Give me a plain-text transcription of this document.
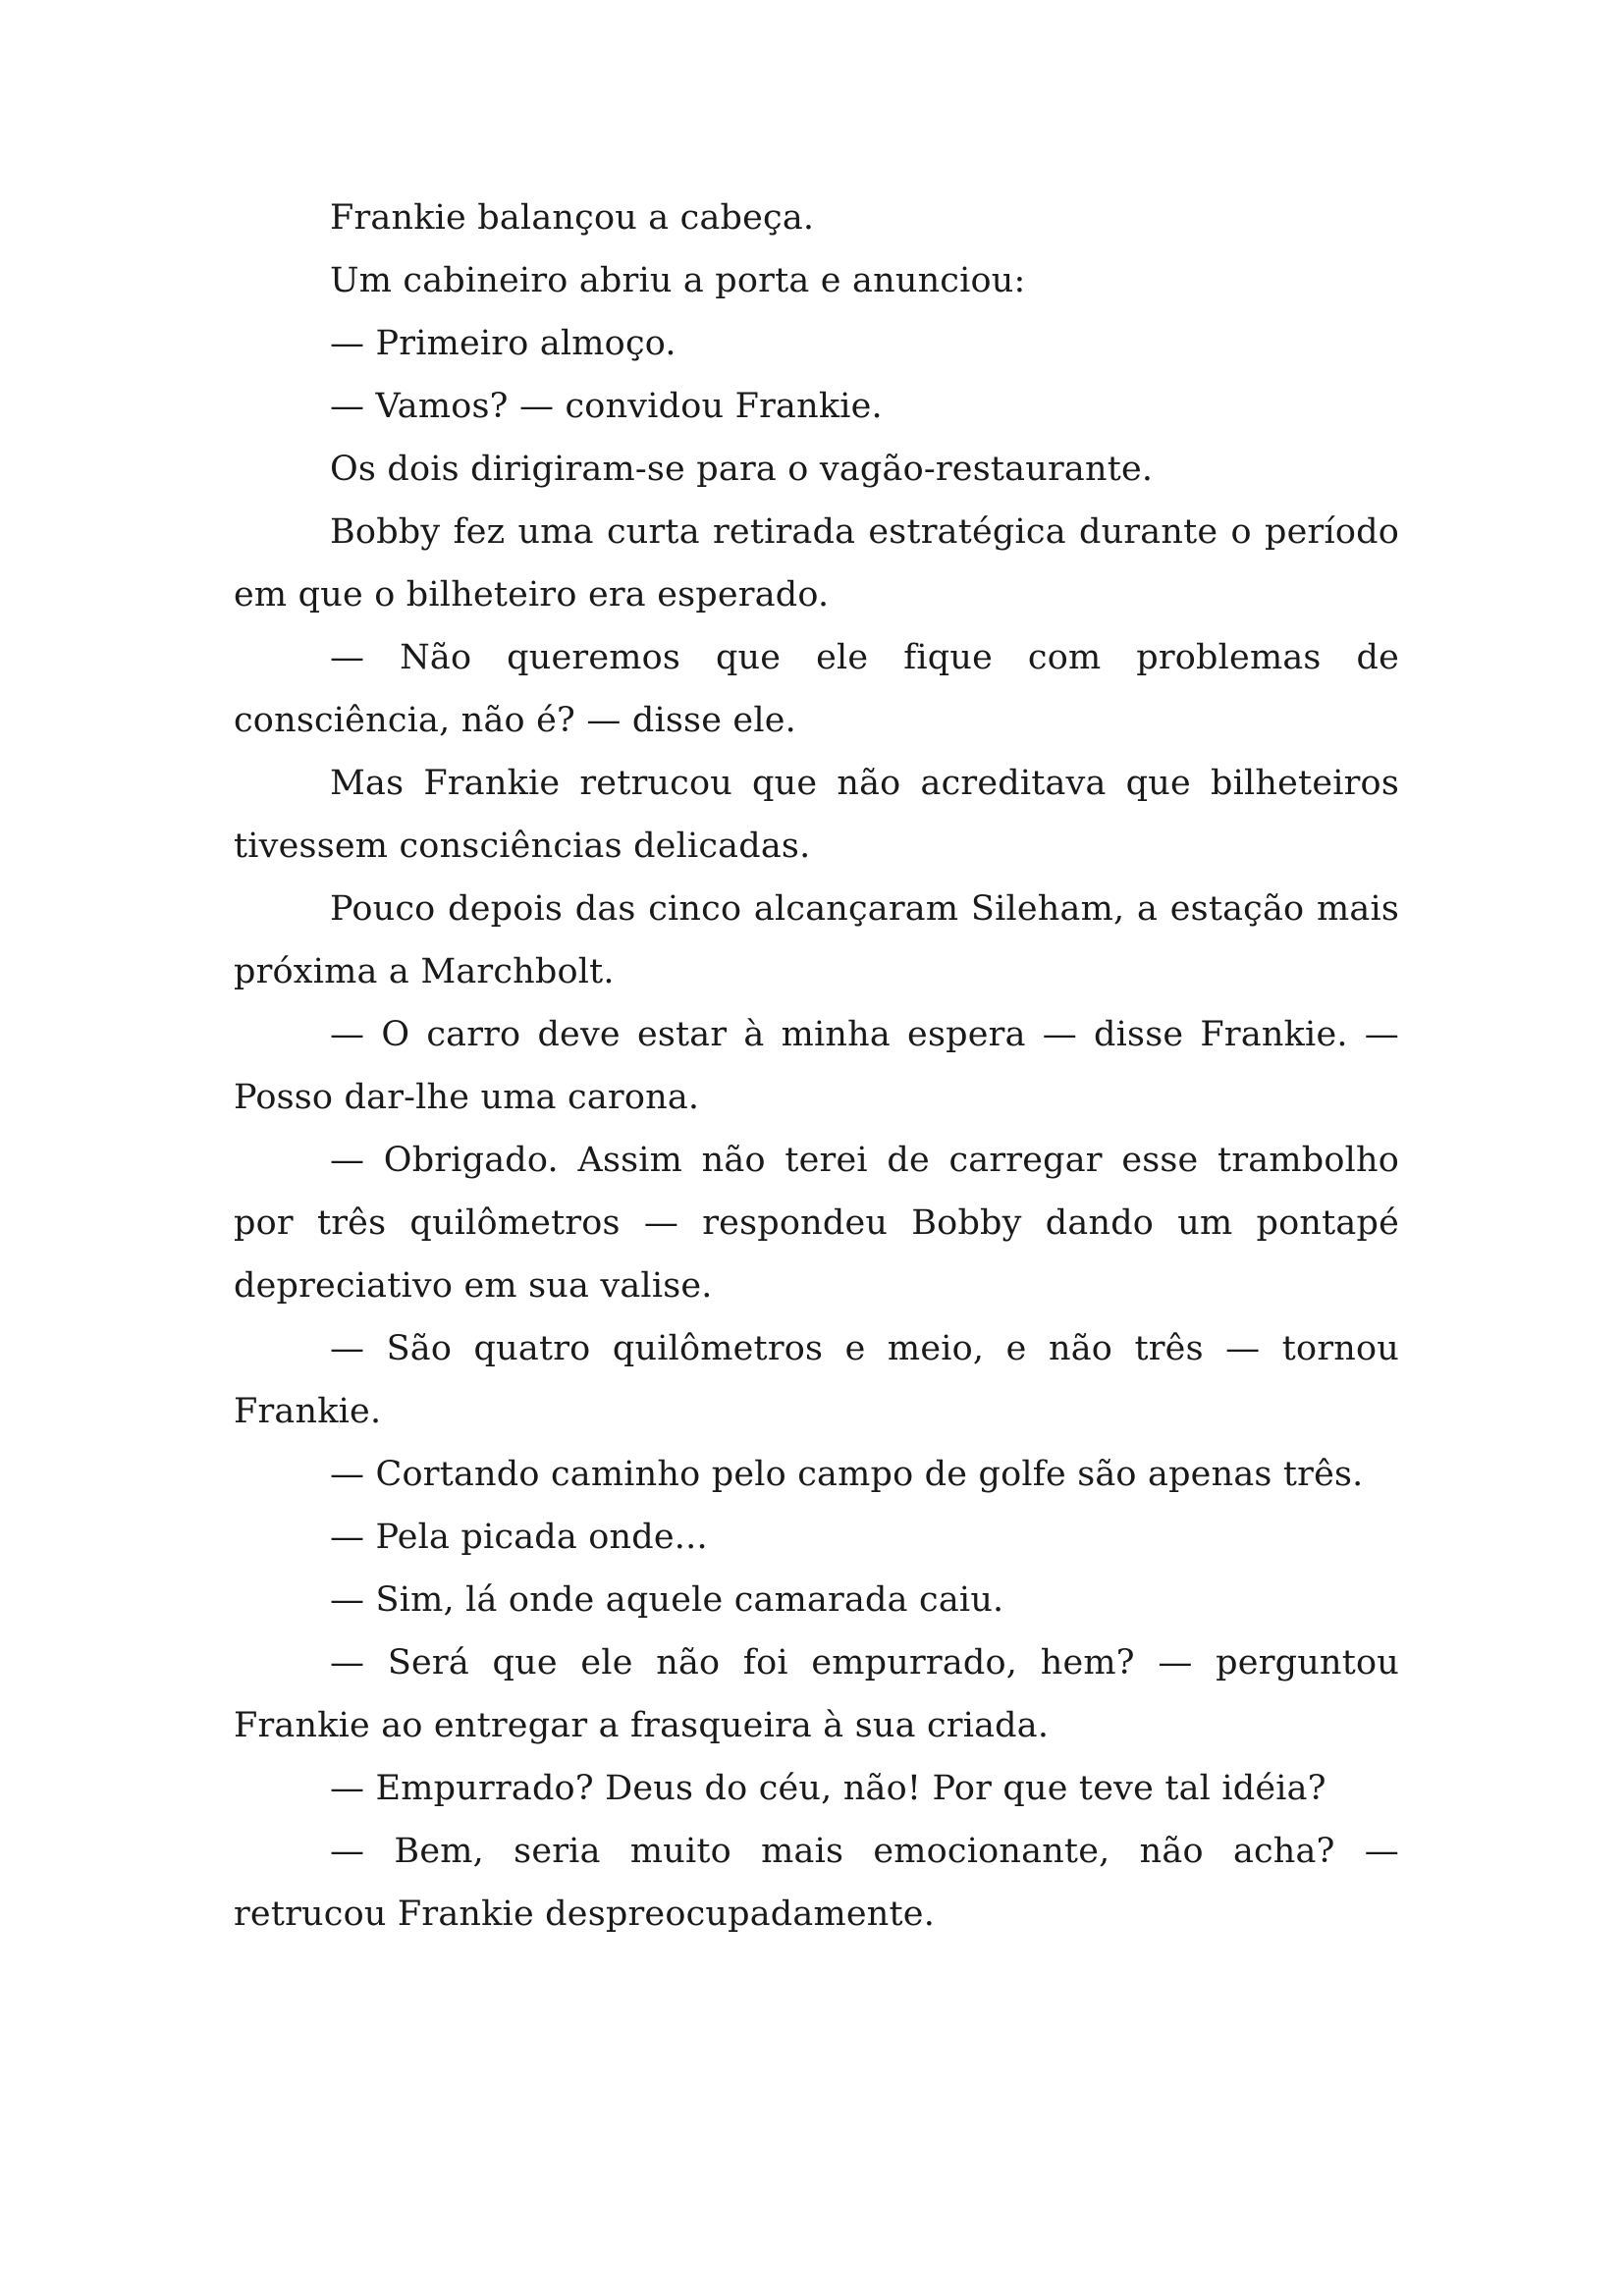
Frankie balançou a cabeça.

Um cabineiro abriu a porta e anunciou:

— Primeiro almoço.

— Vamos? — convidou Frankie.

Os dois dirigiram-se para o vagão-restaurante.

Bobby fez uma curta retirada estratégica durante o período em que o bilheteiro era esperado.

— Não queremos que ele fique com problemas de consciência, não é? — disse ele.

Mas Frankie retrucou que não acreditava que bilheteiros tivessem consciências delicadas.

Pouco depois das cinco alcançaram Sileham, a estação mais próxima a Marchbolt.

— O carro deve estar à minha espera — disse Frankie. — Posso dar-lhe uma carona.

— Obrigado. Assim não terei de carregar esse trambolho por três quilômetros — respondeu Bobby dando um pontapé depreciativo em sua valise.

— São quatro quilômetros e meio, e não três — tornou Frankie.

— Cortando caminho pelo campo de golfe são apenas três.

— Pela picada onde...

— Sim, lá onde aquele camarada caiu.

— Será que ele não foi empurrado, hem? — perguntou Frankie ao entregar a frasqueira à sua criada.

— Empurrado? Deus do céu, não! Por que teve tal idéia?

— Bem, seria muito mais emocionante, não acha? — retrucou Frankie despreocupadamente.
